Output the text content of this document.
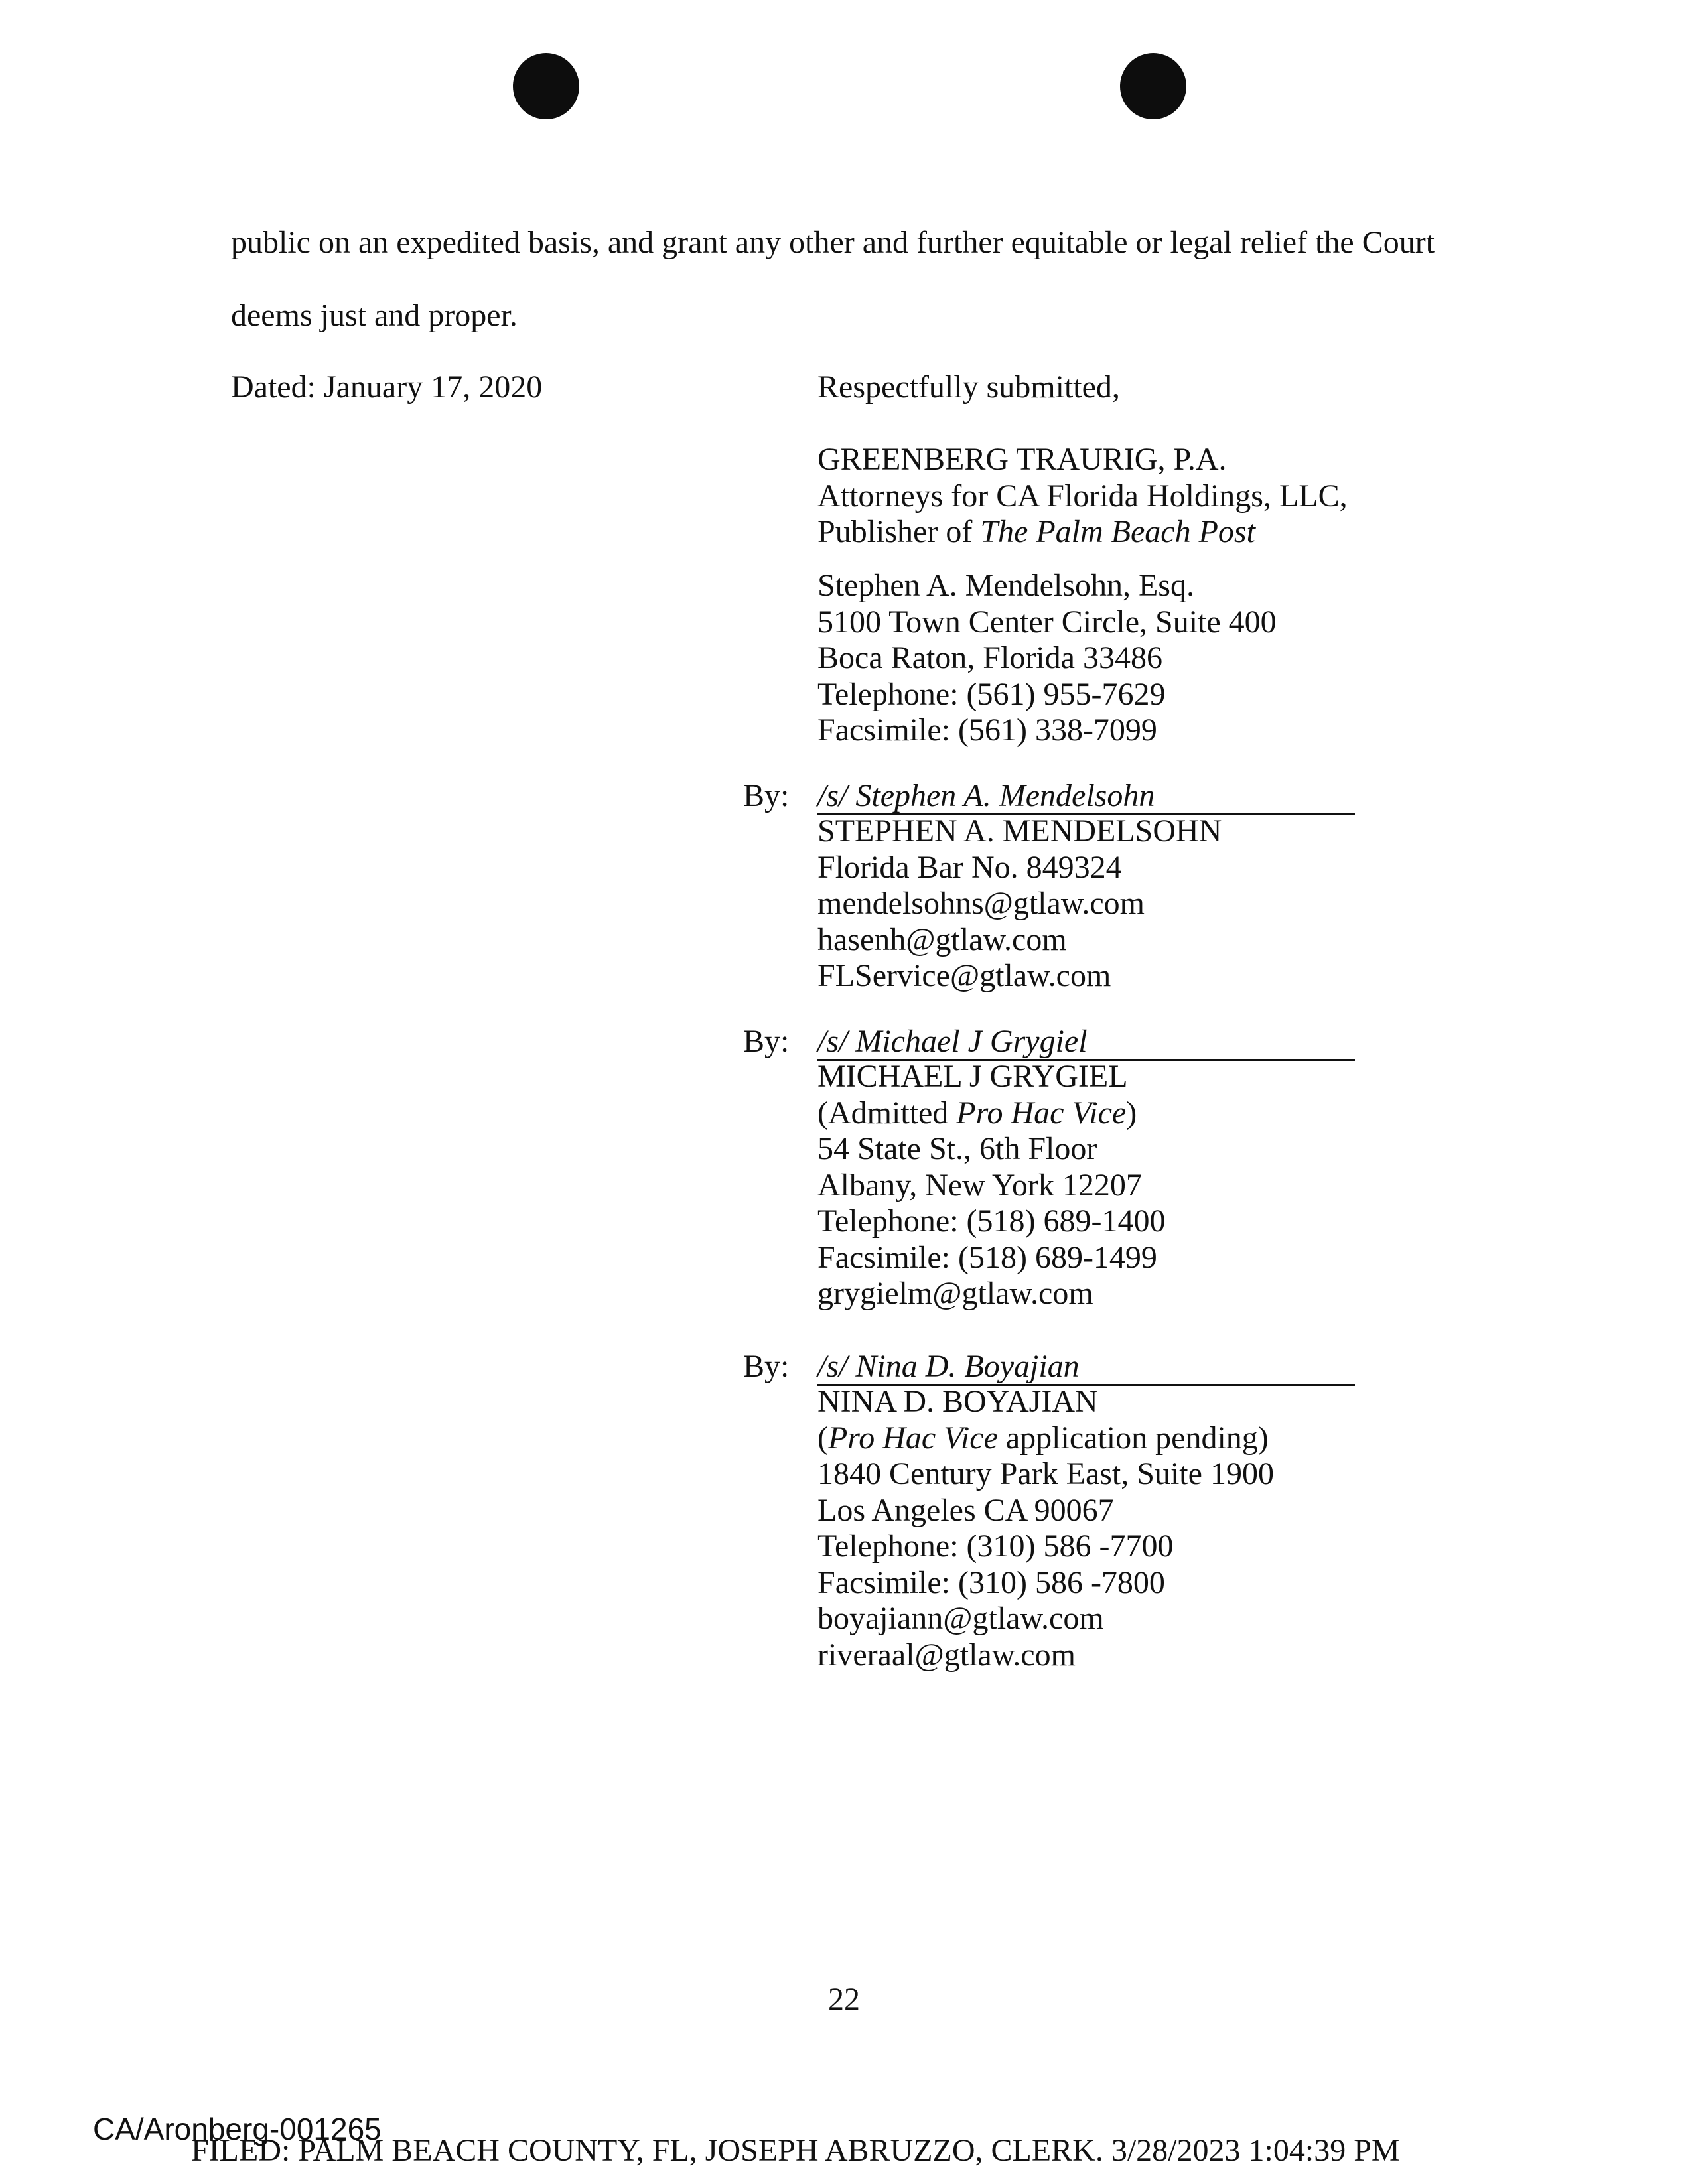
public on an expedited basis, and grant any other and further equitable or legal relief the Court
deems just and proper.
Dated: January 17, 2020	Respectfully submitted,
GREENBERG TRAURIG, P.A.
Attorneys for CA Florida Holdings, LLC,
Publisher of The Palm Beach Post
Stephen A. Mendelsohn, Esq.
5100 Town Center Circle, Suite 400
Boca Raton, Florida 33486
Telephone: (561) 955-7629
Facsimile: (561) 338-7099
By: /s/ Stephen A. Mendelsohn
STEPHEN A. MENDELSOHN
Florida Bar No. 849324
mendelsohns@gtlaw.com
hasenh@gtlaw.com
FLService@gtlaw.com
By: /s/ Michael J Grygiel
MICHAEL J GRYGIEL
(Admitted Pro Hac Vice)
54 State St., 6th Floor
Albany, New York 12207
Telephone: (518) 689-1400
Facsimile: (518) 689-1499
grygielm@gtlaw.com
By: /s/ Nina D. Boyajian
NINA D. BOYAJIAN
(Pro Hac Vice application pending)
1840 Century Park East, Suite 1900
Los Angeles CA 90067
Telephone: (310) 586 -7700
Facsimile: (310) 586 -7800
boyajiann@gtlaw.com
riveraal@gtlaw.com
22
CA/Aronberg-001265
FILED: PALM BEACH COUNTY, FL, JOSEPH ABRUZZO, CLERK. 3/28/2023 1:04:39 PM
